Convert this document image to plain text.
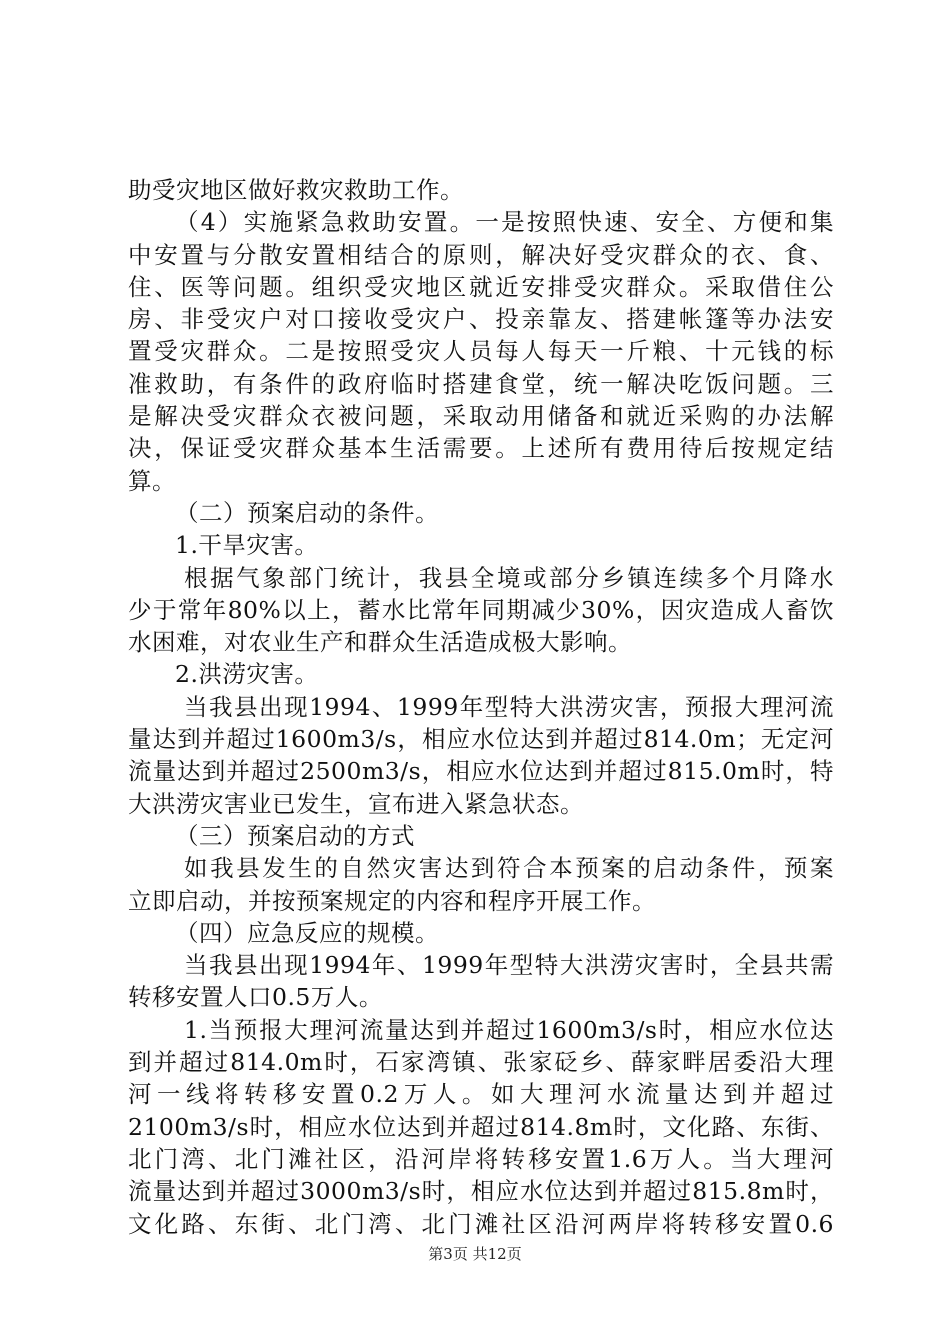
助受灾地区做好救灾救助工作。
（4）实施紧急救助安置。一是按照快速、安全、方便和集
中安置与分散安置相结合的原则，解决好受灾群众的衣、食、
住、医等问题。组织受灾地区就近安排受灾群众。采取借住公
房、非受灾户对口接收受灾户、投亲靠友、搭建帐篷等办法安
置受灾群众。二是按照受灾人员每人每天一斤粮、十元钱的标
准救助，有条件的政府临时搭建食堂，统一解决吃饭问题。三
是解决受灾群众衣被问题，采取动用储备和就近采购的办法解
决，保证受灾群众基本生活需要。上述所有费用待后按规定结
算。
（二）预案启动的条件。
1.干旱灾害。
根据气象部门统计，我县全境或部分乡镇连续多个月降水
少于常年80%以上，蓄水比常年同期减少30%，因灾造成人畜饮
水困难，对农业生产和群众生活造成极大影响。
2.洪涝灾害。
当我县出现1994、1999年型特大洪涝灾害，预报大理河流
量达到并超过1600m3/s，相应水位达到并超过814.0m；无定河
流量达到并超过2500m3/s，相应水位达到并超过815.0m时，特
大洪涝灾害业已发生，宣布进入紧急状态。
（三）预案启动的方式
如我县发生的自然灾害达到符合本预案的启动条件，预案
立即启动，并按预案规定的内容和程序开展工作。
（四）应急反应的规模。
当我县出现1994年、1999年型特大洪涝灾害时，全县共需
转移安置人口0.5万人。
1.当预报大理河流量达到并超过1600m3/s时，相应水位达
到并超过814.0m时，石家湾镇、张家砭乡、薛家畔居委沿大理
河一线将转移安置0.2万人。如大理河水流量达到并超过
2100m3/s时，相应水位达到并超过814.8m时，文化路、东街、
北门湾、北门滩社区，沿河岸将转移安置1.6万人。当大理河
流量达到并超过3000m3/s时，相应水位达到并超过815.8m时，
文化路、东街、北门湾、北门滩社区沿河两岸将转移安置0.6
第3页 共12页
